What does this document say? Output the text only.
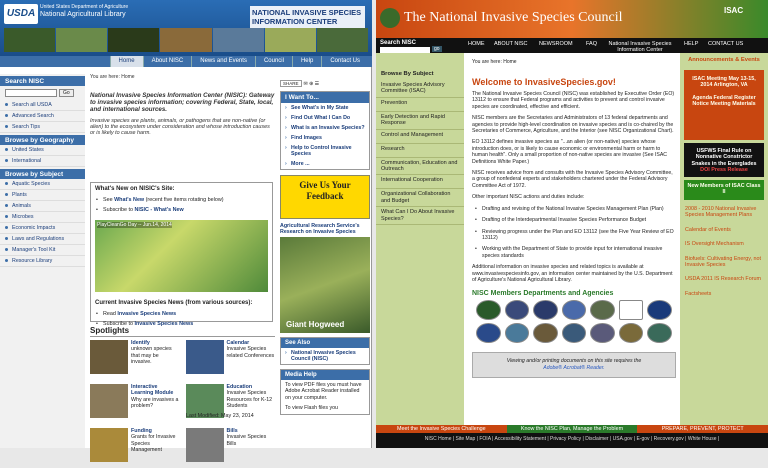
USDA
United States Department of Agriculture
National Agricultural Library	NATIONAL INVASIVE SPECIES INFORMATION CENTER
Home	About NISC	News and Events	Council	Help	Contact Us
Search NISC
Go
Search all USDA
Advanced Search
Search Tips
Browse by Geography
United States
International
Browse by Subject
Aquatic Species
Plants
Animals
Microbes
Economic Impacts
Laws and Regulations
Manager's Tool Kit
Resource Library
You are here: Home
National Invasive Species Information Center (NISIC): Gateway to invasive species information; covering Federal, State, local, and international sources.
Invasive species are plants, animals, or pathogens that are non-native (or alien) to the ecosystem under consideration and whose introduction causes or is likely to cause harm.
What's New on NISIC's Site:
• See What's New (recent five items rotating below)
• Subscribe to NISIC - What's New
PlayCleanGo Day -- Jun.14, 2014
Current Invasive Species News (from various sources):
• Read Invasive Species News
• Subscribe to Invasive Species News
Spotlights
Identify
unknown species that may be invasive.
Calendar
Invasive Species related Conferences
Interactive Learning Module
Why are invasives a problem?
Education
Invasive Species Resources for K-12 Students
Funding
Grants for Invasive Species Management
Bills
Invasive Species Bills
Last Modified: May 23, 2014
SHARE	✉ ⊕ ☰
I Want To...
› See What's in My State
› Find Out What I Can Do
› What is an Invasive Species?
› Find Images
› Help to Control Invasive Species
› More ...
Give Us Your Feedback
Agricultural Research Service's Research on Invasive Species
Giant Hogweed
See Also
› National Invasive Species Council (NISC)
Media Help

To view PDF files you must have Adobe Acrobat Reader installed on your computer.

To view Flash files you

The National Invasive Species Council	ISAC
Search NISC
go
HOME ABOUT NISC NEWSROOM FAQ	National Invasive Species Information Center
HELP CONTACT US
Browse By Subject
Invasive Species Advisory Committee (ISAC)
Prevention
Early Detection and Rapid Response
Control and Management
Research
Communication, Education and Outreach
International Cooperation
Organizational Collaboration and Budget
What Can I Do About Invasive Species?
You are here: Home
Welcome to InvasiveSpecies.gov!
The National Invasive Species Council (NISC) was established by Executive Order (EO) 13112 to ensure that Federal programs and activities to prevent and control invasive species are coordinated, effective and efficient.
NISC members are the Secretaries and Administrators of 13 federal departments and agencies to provide high-level coordination on invasive species and is co-chaired by the Secretaries of Commerce, Agriculture, and the Interior (see NISC Organizational Chart).
EO 13112 defines invasive species as "...an alien (or non-native) species whose introduction does, or is likely to cause economic or environmental harm or harm to human health". Only a small proportion of non-native species are invasive (See ISAC Definitions White Paper.)
NISC receives advice from and consults with the Invasive Species Advisory Committee, a group of nonfederal experts and stakeholders chartered under the Federal Advisory Committee Act of 1972.
Other important NISC actions and duties include:
• Drafting and revising of the National Invasive Species Management Plan (Plan)
• Drafting of the Interdepartmental Invasive Species Performance Budget
• Reviewing progress under the Plan and EO 13112 (see the Five Year Review of EO 13112)
• Working with the Department of State to provide input for international invasive species standards
Additional information on invasive species and related topics is available at www.invasivespeciesinfo.gov, an information center maintained by the U.S. Department of Agriculture's National Agricultural Library.
NISC Members Departments and Agencies
Viewing and/or printing documents on this site requires the
Adobe® Acrobat® Reader.
Announcements & Events
ISAC Meeting May 13-15, 2014 Arlington, VA
Agenda Federal Register Notice Meeting Materials
USFWS Final Rule on Nonnative Constrictor Snakes in the Everglades
DOI Press Release
New Members of ISAC Class II
2008 - 2010 National Invasive Species Management Plans
Calendar of Events
IS Oversight Mechanism
Biofuels: Cultivating Energy, not Invasive Species
USDA 2011 IS Research Forum
Factsheets
Meet the Invasive Species Challenge	Know the NISC Plan, Manage the Problem	PREPARE, PREVENT, PROTECT
NISC Home | Site Map | FOIA | Accessibility Statement | Privacy Policy | Disclaimer | USA.gov | E-gov | Recovery.gov | White House |
